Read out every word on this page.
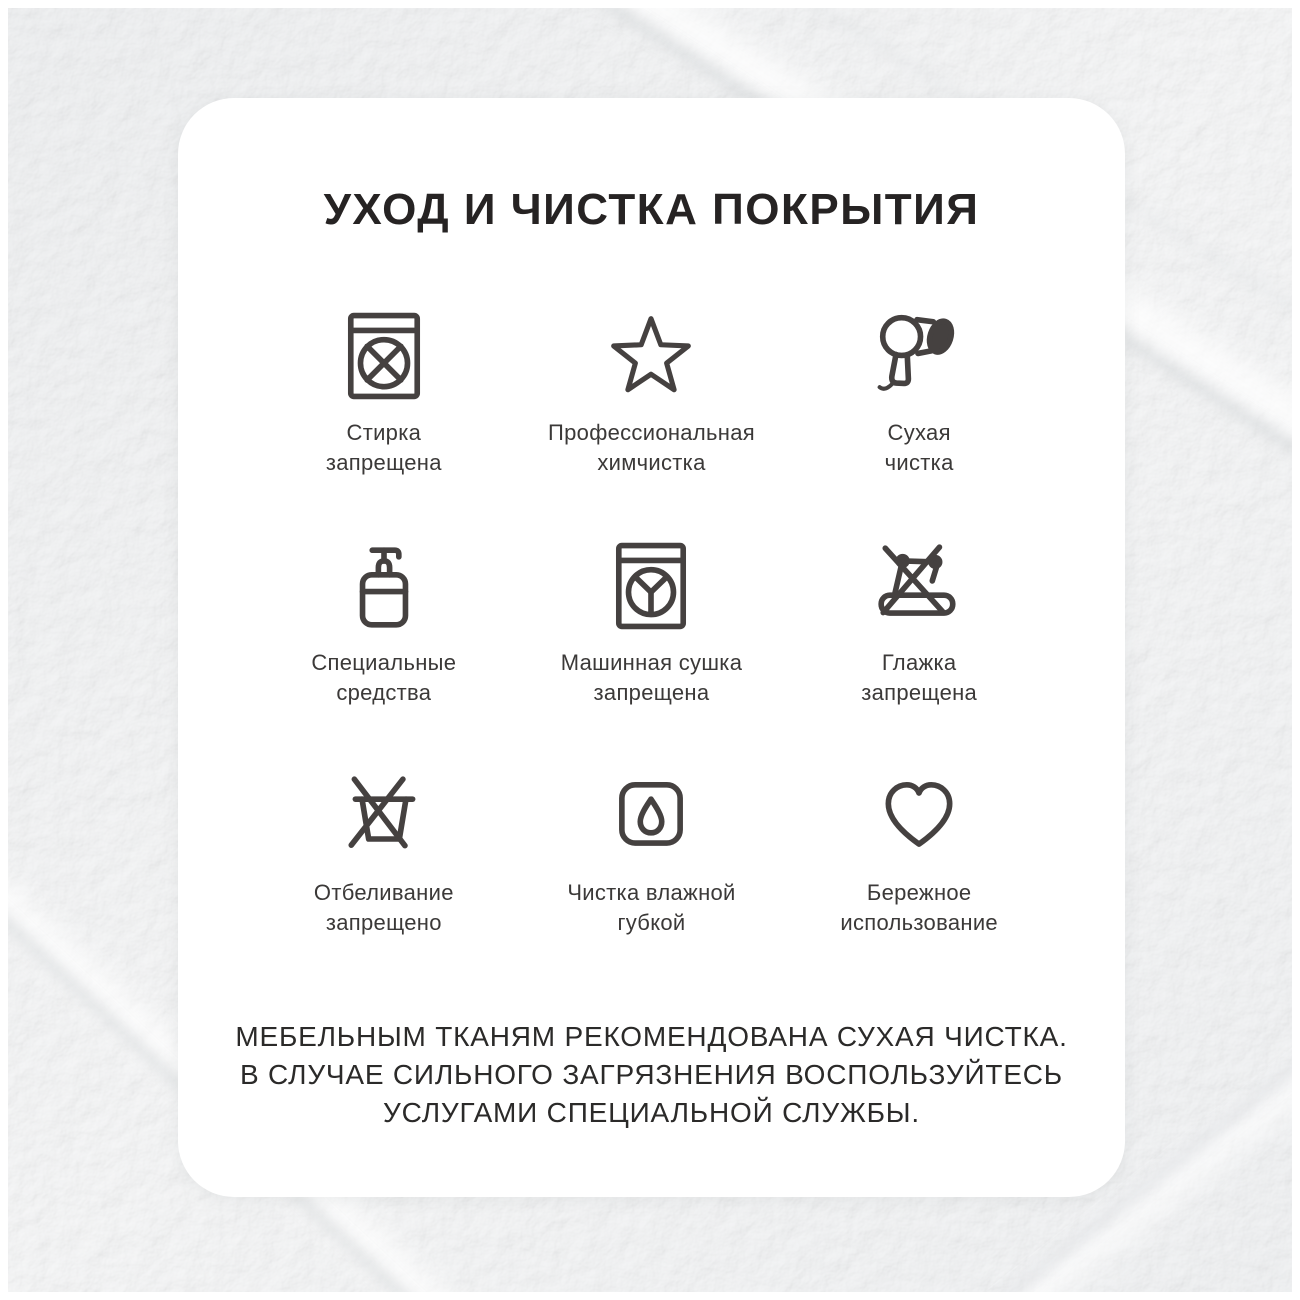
УХОД И ЧИСТКА ПОКРЫТИЯ
Стирка
запрещена
Профессиональная
химчистка
Сухая
чистка
Специальные
средства
Машинная сушка
запрещена
Глажка
запрещена
Отбеливание
запрещено
Чистка влажной
губкой
Бережное
использование

МЕБЕЛЬНЫМ ТКАНЯМ РЕКОМЕНДОВАНА СУХАЯ ЧИСТКА.
В СЛУЧАЕ СИЛЬНОГО ЗАГРЯЗНЕНИЯ ВОСПОЛЬЗУЙТЕСЬ
УСЛУГАМИ СПЕЦИАЛЬНОЙ СЛУЖБЫ.
